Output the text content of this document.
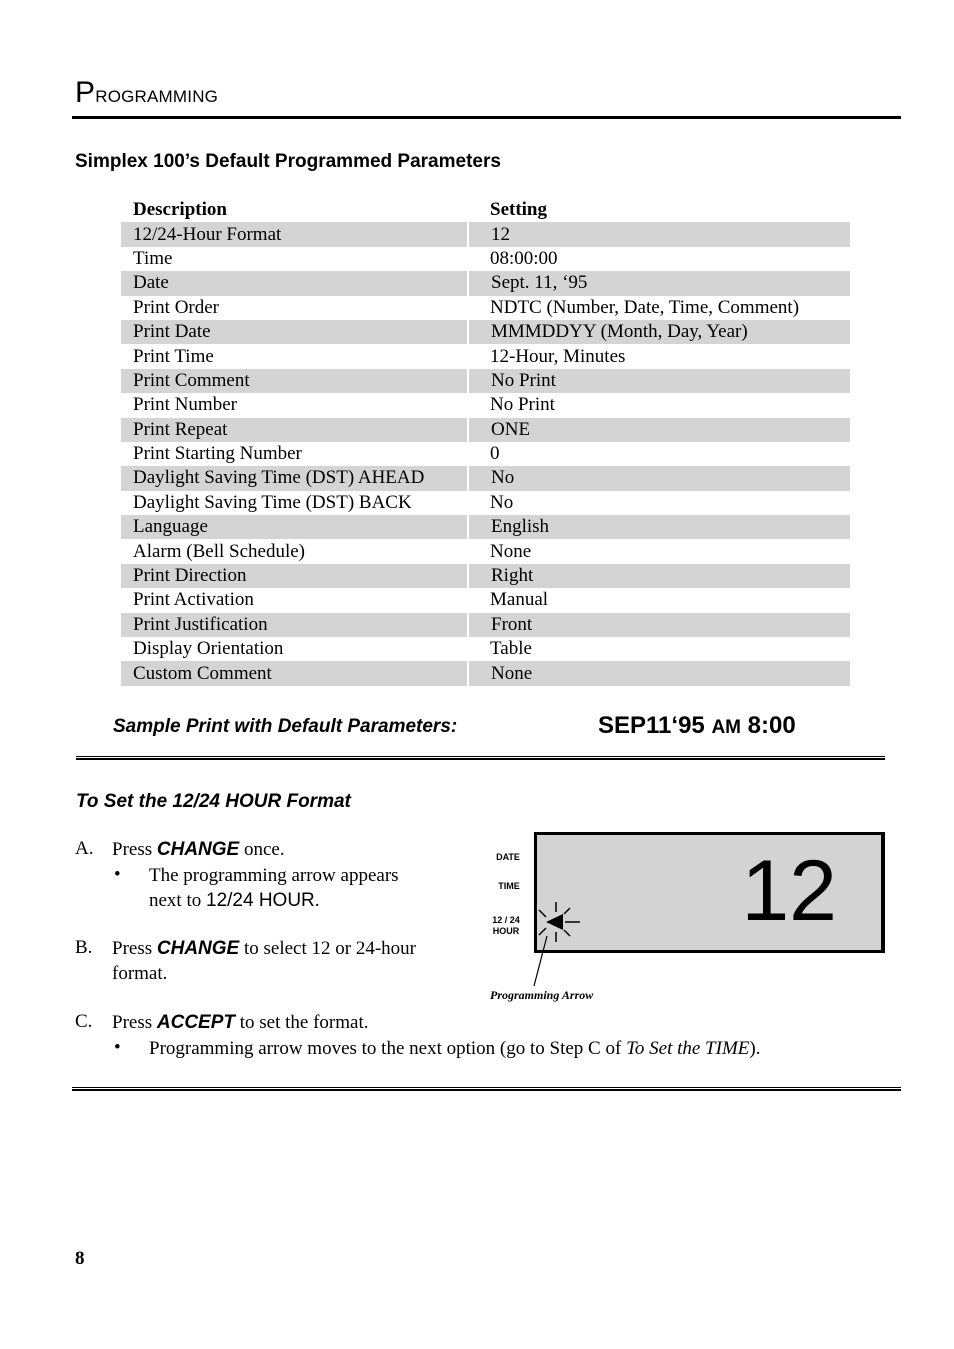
PROGRAMMING
Simplex 100’s Default Programmed Parameters
Description	Setting
12/24-Hour Format	12
Time	08:00:00
Date	Sept. 11, ‘95
Print Order	NDTC (Number, Date, Time, Comment)
Print Date	MMMDDYY (Month, Day, Year)
Print Time	12-Hour, Minutes
Print Comment	No Print
Print Number	No Print
Print Repeat	ONE
Print Starting Number	0
Daylight Saving Time (DST) AHEAD	No
Daylight Saving Time (DST) BACK	No
Language	English
Alarm (Bell Schedule)	None
Print Direction	Right
Print Activation	Manual
Print Justification	Front
Display Orientation	Table
Custom Comment	None
Sample Print with Default Parameters:	SEP11‘95 AM 8:00
To Set the 12/24 HOUR Format
A. Press CHANGE once.
• The programming arrow appears
next to 12/24 HOUR.
B. Press CHANGE to select 12 or 24-hour
format.
C. Press ACCEPT to set the format.
• Programming arrow moves to the next option (go to Step C of To Set the TIME).
DATE
TIME
12 / 24
HOUR	12
Programming Arrow
8
